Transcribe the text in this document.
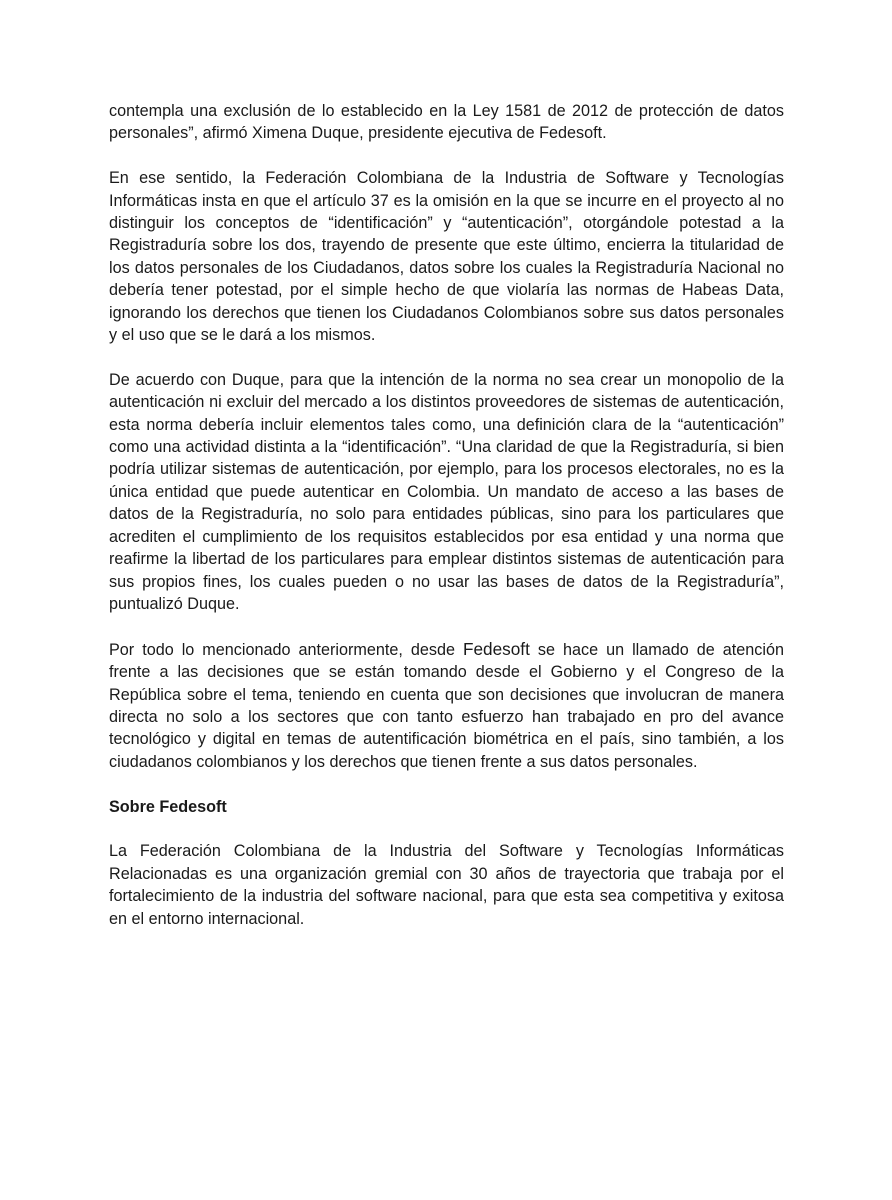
contempla una exclusión de lo establecido en la Ley 1581 de 2012 de protección de datos personales”, afirmó Ximena Duque, presidente ejecutiva de Fedesoft.

En ese sentido, la Federación Colombiana de la Industria de Software y Tecnologías Informáticas insta en que el artículo 37 es la omisión en la que se incurre en el proyecto al no distinguir los conceptos de “identificación” y “autenticación”, otorgándole potestad a la Registraduría sobre los dos, trayendo de presente que este último, encierra la titularidad de los datos personales de los Ciudadanos, datos sobre los cuales la Registraduría Nacional no debería tener potestad, por el simple hecho de que violaría las normas de Habeas Data, ignorando los derechos que tienen los Ciudadanos Colombianos sobre sus datos personales y el uso que se le dará a los mismos.

De acuerdo con Duque, para que la intención de la norma no sea crear un monopolio de la autenticación ni excluir del mercado a los distintos proveedores de sistemas de autenticación, esta norma debería incluir elementos tales como, una definición clara de la “autenticación” como una actividad distinta a la “identificación”. “Una claridad de que la Registraduría, si bien podría utilizar sistemas de autenticación, por ejemplo, para los procesos electorales, no es la única entidad que puede autenticar en Colombia. Un mandato de acceso a las bases de datos de la Registraduría, no solo para entidades públicas, sino para los particulares que acrediten el cumplimiento de los requisitos establecidos por esa entidad y una norma que reafirme la libertad de los particulares para emplear distintos sistemas de autenticación para sus propios fines, los cuales pueden o no usar las bases de datos de la Registraduría”, puntualizó Duque.

Por todo lo mencionado anteriormente, desde Fedesoft se hace un llamado de atención frente a las decisiones que se están tomando desde el Gobierno y el Congreso de la República sobre el tema, teniendo en cuenta que son decisiones que involucran de manera directa no solo a los sectores que con tanto esfuerzo han trabajado en pro del avance tecnológico y digital en temas de autentificación biométrica en el país, sino también, a los ciudadanos colombianos y los derechos que tienen frente a sus datos personales.

Sobre Fedesoft

La Federación Colombiana de la Industria del Software y Tecnologías Informáticas Relacionadas es una organización gremial con 30 años de trayectoria que trabaja por el fortalecimiento de la industria del software nacional, para que esta sea competitiva y exitosa en el entorno internacional.
